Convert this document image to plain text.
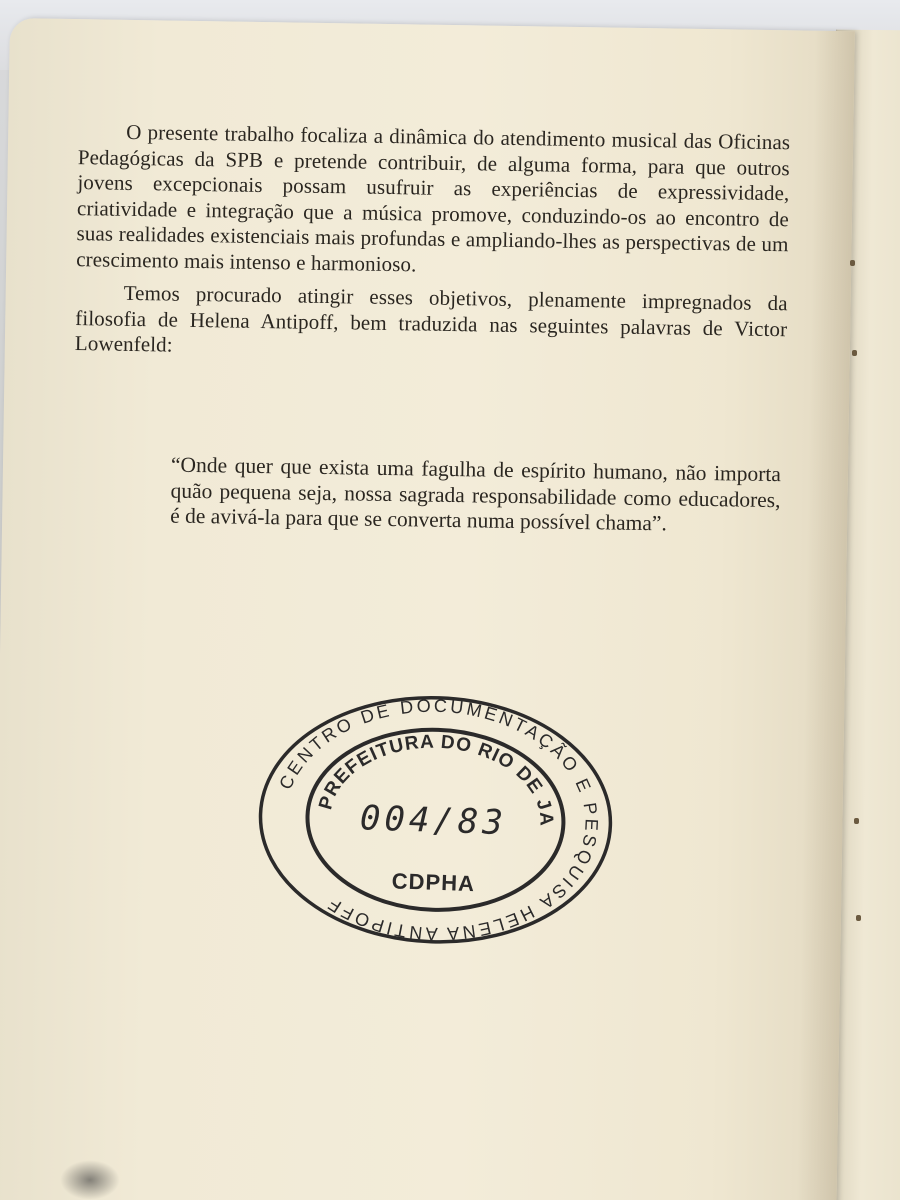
O presente trabalho focaliza a dinâmica do atendimento musical das Oficinas Pedagógicas da SPB e pretende contribuir, de alguma forma, para que outros jovens excepcionais possam usufruir as experiências de expressividade, criatividade e integração que a música promove, conduzindo-os ao encontro de suas realidades existenciais mais profundas e ampliando-lhes as perspectivas de um crescimento mais intenso e harmonioso.

Temos procurado atingir esses objetivos, plenamente impregnados da filosofia de Helena Antipoff, bem traduzida nas seguintes palavras de Victor Lowenfeld:

“Onde quer que exista uma fagulha de espírito humano, não importa quão pequena seja, nossa sagrada responsabilidade como educadores, é de avivá-la para que se converta numa possível chama”.
CENTRO DE DOCUMENTAÇÃO E PESQUISA HELENA ANTIPOFF
PREFEITURA DO RIO DE JANEIRO
004/83
CDPHA
